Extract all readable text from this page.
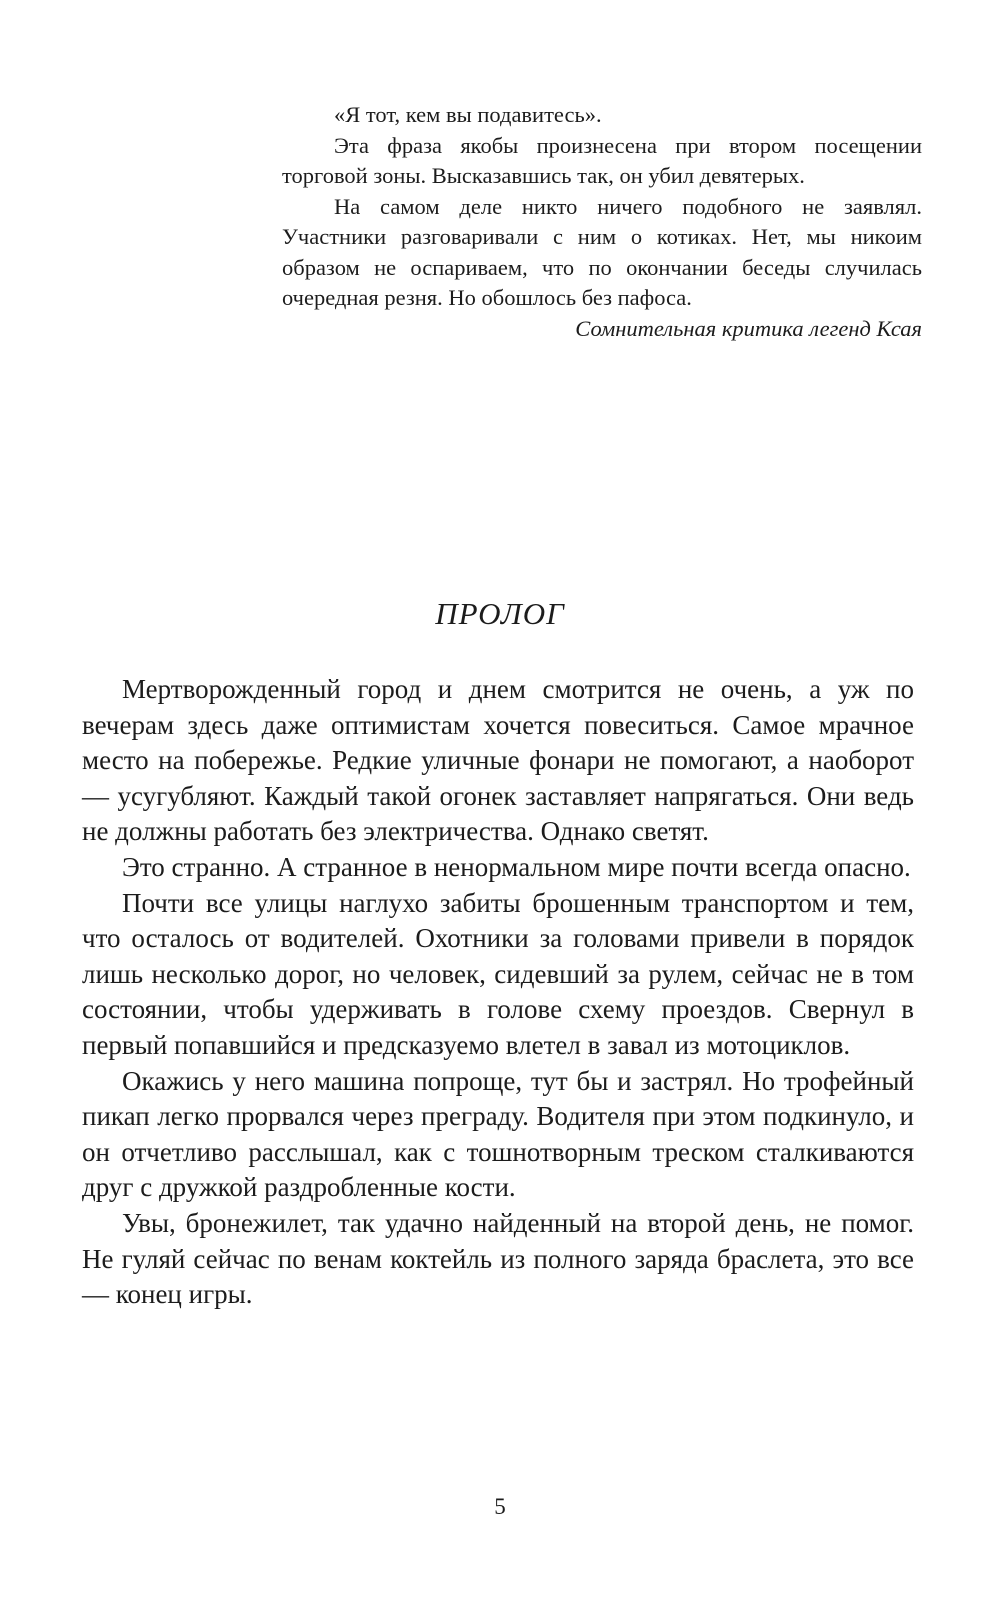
«Я тот, кем вы подавитесь».

Эта фраза якобы произнесена при втором посещении торговой зоны. Высказавшись так, он убил девятерых.

На самом деле никто ничего подобного не заявлял. Участники разговаривали с ним о котиках. Нет, мы никоим образом не оспариваем, что по окончании беседы случилась очередная резня. Но обошлось без пафоса.

Сомнительная критика легенд Ксая

ПРОЛОГ

Мертворожденный город и днем смотрится не очень, а уж по вечерам здесь даже оптимистам хочется повеситься. Самое мрачное место на побережье. Редкие уличные фонари не помогают, а наоборот — усугубляют. Каждый такой огонек заставляет напрягаться. Они ведь не должны работать без электричества. Однако светят.

Это странно. А странное в ненормальном мире почти всегда опасно.

Почти все улицы наглухо забиты брошенным транспортом и тем, что осталось от водителей. Охотники за головами привели в порядок лишь несколько дорог, но человек, сидевший за рулем, сейчас не в том состоянии, чтобы удерживать в голове схему проездов. Свернул в первый попавшийся и предсказуемо влетел в завал из мотоциклов.

Окажись у него машина попроще, тут бы и застрял. Но трофейный пикап легко прорвался через преграду. Водителя при этом подкинуло, и он отчетливо расслышал, как с тошнотворным треском сталкиваются друг с дружкой раздробленные кости.

Увы, бронежилет, так удачно найденный на второй день, не помог. Не гуляй сейчас по венам коктейль из полного заряда браслета, это все — конец игры.

5
